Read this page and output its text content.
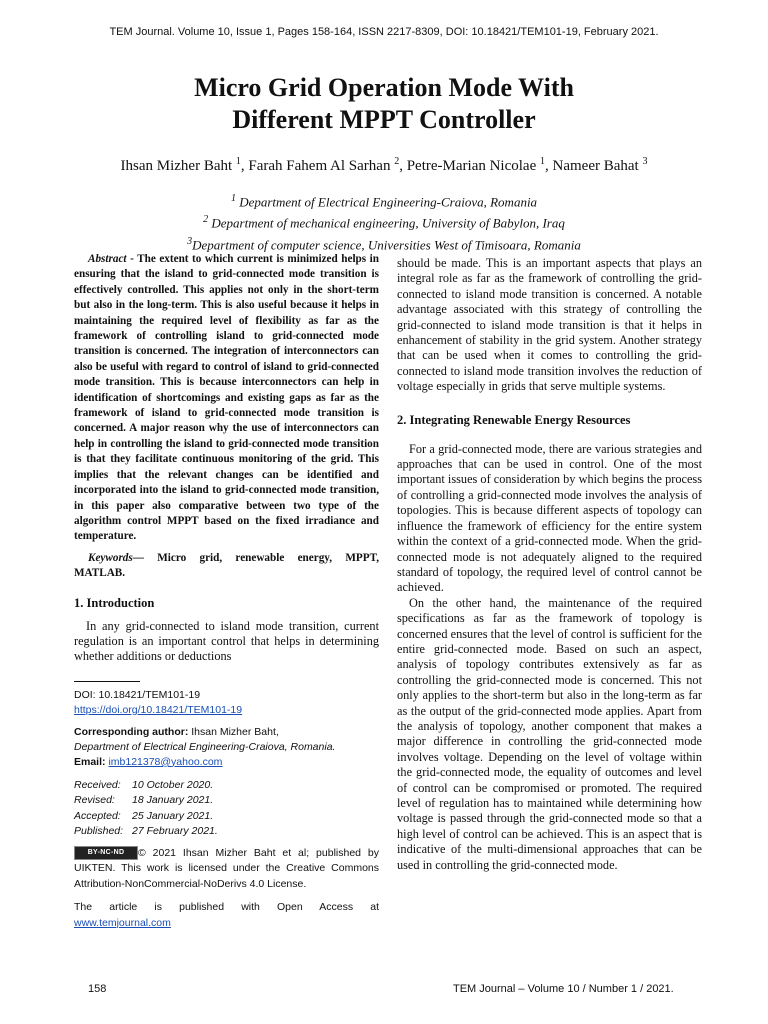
TEM Journal. Volume 10, Issue 1, Pages 158-164, ISSN 2217-8309, DOI: 10.18421/TEM101-19, February 2021.
Micro Grid Operation Mode With
Different MPPT Controller
Ihsan Mizher Baht $^1$, Farah Fahem Al Sarhan $^2$, Petre-Marian Nicolae $^1$, Nameer Bahat $^3$
$^1$ Department of Electrical Engineering-Craiova, Romania
$^2$ Department of mechanical engineering, University of Babylon, Iraq
$^3$Department of computer science, Universities West of Timisoara, Romania

Abstract - The extent to which current is minimized helps in ensuring that the island to grid-connected mode transition is effectively controlled. This applies not only in the short-term but also in the long-term. This is also useful because it helps in maintaining the required level of flexibility as far as the framework of controlling island to grid-connected mode transition is concerned. The integration of interconnectors can also be useful with regard to control of island to grid-connected mode transition. This is because interconnectors can help in identification of shortcomings and existing gaps as far as the framework of island to grid-connected mode transition is concerned. A major reason why the use of interconnectors can help in controlling the island to grid-connected mode transition is that they facilitate continuous monitoring of the grid. This implies that the relevant changes can be identified and incorporated into the island to grid-connected mode transition, in this paper also comparative between two type of the algorithm control MPPT based on the fixed irradiance and temperature.

Keywords— Micro grid, renewable energy, MPPT, MATLAB.

1. Introduction

In any grid-connected to island mode transition, current regulation is an important control that helps in determining whether additions or deductions

DOI: 10.18421/TEM101-19

https://doi.org/10.18421/TEM101-19

Corresponding author: Ihsan Mizher Baht,

Department of Electrical Engineering-Craiova, Romania.

Email: imb121378@yahoo.com

Received: 10 October 2020.
Revised: 18 January 2021.
Accepted: 25 January 2021.
Published: 27 February 2021.
BY-NC-ND © 2021 Ihsan Mizher Baht et al; published by UIKTEN. This work is licensed under the Creative Commons Attribution-NonCommercial-NoDerivs 4.0 License.
The article is published with Open Access at www.temjournal.com

should be made. This is an important aspects that plays an integral role as far as the framework of controlling the grid-connected to island mode transition is concerned. A notable advantage associated with this strategy of controlling the grid-connected to island mode transition is that it helps in enhancement of stability in the grid system. Another strategy that can be used when it comes to controlling the grid-connected to island mode transition involves the reduction of voltage especially in grids that serve multiple systems.

2. Integrating Renewable Energy Resources

For a grid-connected mode, there are various strategies and approaches that can be used in control. One of the most important issues of consideration by which begins the process of controlling a grid-connected mode involves the analysis of topologies. This is because different aspects of topology can influence the framework of efficiency for the entire system within the context of a grid-connected mode. When the grid-connected mode is not adequately aligned to the required standard of topology, the required level of control cannot be achieved.

On the other hand, the maintenance of the required specifications as far as the framework of topology is concerned ensures that the level of control is sufficient for the entire grid-connected mode. Based on such an aspect, analysis of topology contributes extensively as far as controlling the grid-connected mode is concerned. This not only applies to the short-term but also in the long-term as far as the output of the grid-connected mode applies. Apart from the analysis of topology, another component that makes a major difference in controlling the grid-connected mode involves voltage. Depending on the level of voltage within the grid-connected mode, the equality of outcomes and level of control can be compromised or promoted. The required level of regulation has to maintained while determining how voltage is passed through the grid-connected mode so that a high level of control can be achieved. This is an aspect that is indicative of the multi-dimensional approaches that can be used in controlling the grid-connected mode.

158	TEM Journal – Volume 10 / Number 1 / 2021.
